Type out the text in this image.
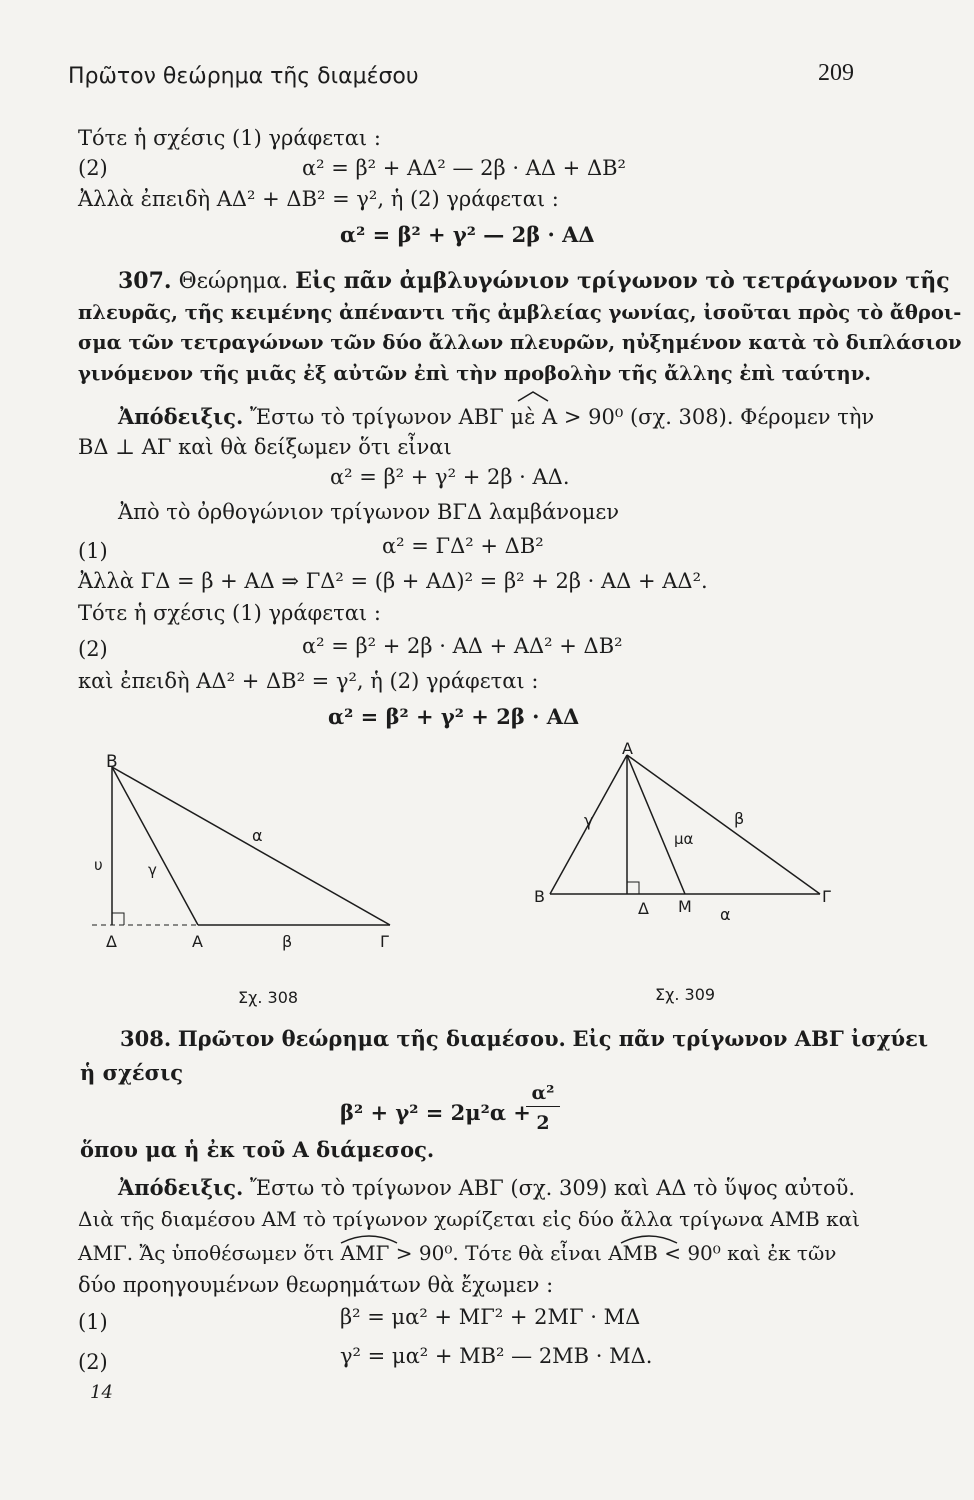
Πρῶτον θεώρημα τῆς διαμέσου	209
Τότε ἡ σχέσις (1) γράφεται :
(2)	α² = β² + ΑΔ² — 2β · ΑΔ + ΔΒ²
Ἀλλὰ ἐπειδὴ ΑΔ² + ΔΒ² = γ², ἡ (2) γράφεται :
α² = β² + γ² — 2β · ΑΔ
307. Θεώρημα. Εἰς πᾶν ἀμβλυγώνιον τρίγωνον τὸ τετράγωνον τῆς
πλευρᾶς, τῆς κειμένης ἀπέναντι τῆς ἀμβλείας γωνίας, ἰσοῦται πρὸς τὸ ἄθροι-
σμα τῶν τετραγώνων τῶν δύο ἄλλων πλευρῶν, ηὐξημένον κατὰ τὸ διπλάσιον
γινόμενον τῆς μιᾶς ἐξ αὐτῶν ἐπὶ τὴν προβολὴν τῆς ἄλλης ἐπὶ ταύτην.
Ἀπόδειξις. Ἔστω τὸ τρίγωνον ΑΒΓ μὲ Α > 90⁰ (σχ. 308). Φέρομεν τὴν
ΒΔ ⊥ ΑΓ καὶ θὰ δείξωμεν ὅτι εἶναι
α² = β² + γ² + 2β · ΑΔ.
Ἀπὸ τὸ ὀρθογώνιον τρίγωνον ΒΓΔ λαμβάνομεν
(1)	α² = ΓΔ² + ΔΒ²
Ἀλλὰ ΓΔ = β + ΑΔ ⇒ ΓΔ² = (β + ΑΔ)² = β² + 2β · ΑΔ + ΑΔ².
Τότε ἡ σχέσις (1) γράφεται :
(2)	α² = β² + 2β · ΑΔ + ΑΔ² + ΔΒ²
καὶ ἐπειδὴ ΑΔ² + ΔΒ² = γ², ἡ (2) γράφεται :
α² = β² + γ² + 2β · ΑΔ
Β
Δ	Α	β	Γ
α
γ
υ
Σχ. 308
Α
Β	Γ
Δ Μ α
γ	β
μα
Σχ. 309
308. Πρῶτον θεώρημα τῆς διαμέσου. Εἰς πᾶν τρίγωνον ΑΒΓ ἰσχύει
ἡ σχέσις
β² + γ² = 2μ²α +
α²
2
ὅπου μα ἡ ἐκ τοῦ Α διάμεσος.
Ἀπόδειξις. Ἔστω τὸ τρίγωνον ΑΒΓ (σχ. 309) καὶ ΑΔ τὸ ὕψος αὐτοῦ.
Διὰ τῆς διαμέσου ΑΜ τὸ τρίγωνον χωρίζεται εἰς δύο ἄλλα τρίγωνα ΑΜΒ καὶ
ΑΜΓ. Ἄς ὑποθέσωμεν ὅτι ΑΜΓ > 90⁰. Τότε θὰ εἶναι ΑΜΒ < 90⁰ καὶ ἐκ τῶν
δύο προηγουμένων θεωρημάτων θὰ ἔχωμεν :
(1)	β² = μα² + ΜΓ² + 2ΜΓ · ΜΔ
(2)	γ² = μα² + ΜΒ² — 2ΜΒ · ΜΔ.
14
